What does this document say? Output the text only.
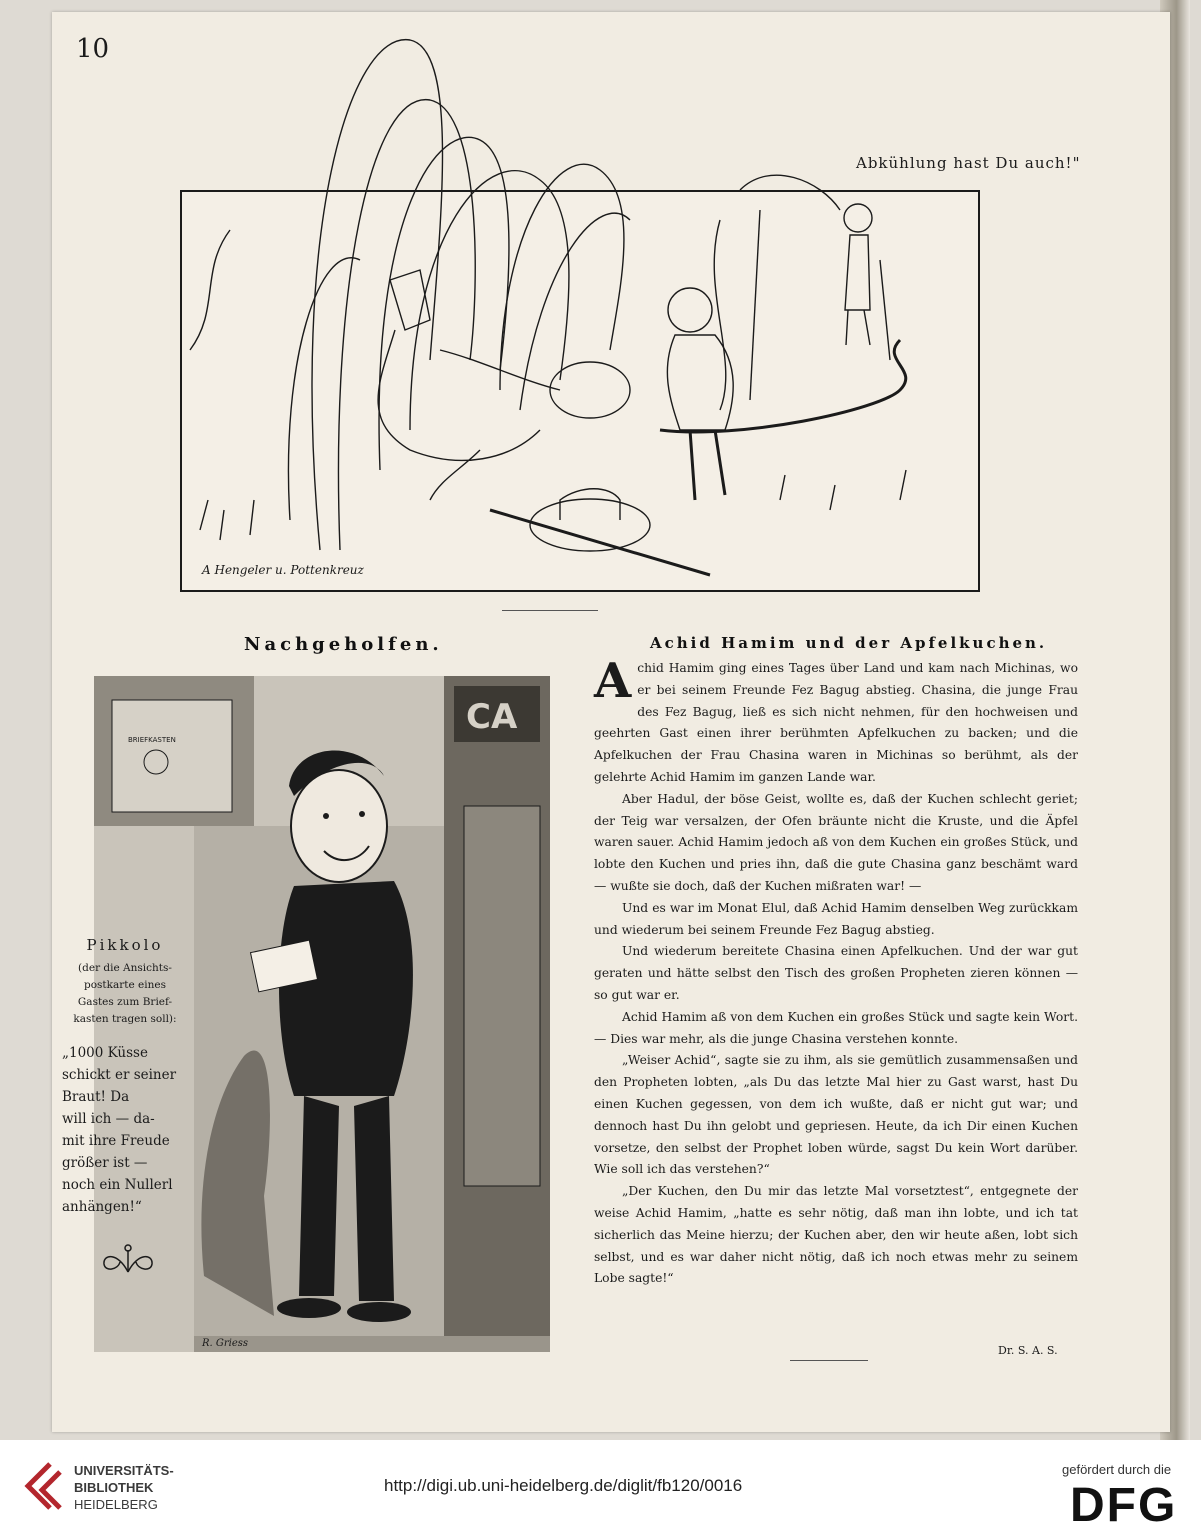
10
A Hengeler u. Pottenkreuz
Abkühlung hast Du auch!"
Nachgeholfen.
BRIEFKASTEN
CA
R. Griess
Pikkolo
(der die Ansichts-
postkarte eines
Gastes zum Brief-
kasten tragen soll):
„1000 Küsse
schickt er seiner
Braut! Da
will ich — da-
mit ihre Freude
größer ist —
noch ein Nullerl
anhängen!“
Achid Hamim und der Apfelkuchen.

Achid Hamim ging eines Tages über Land und kam nach Michinas, wo er bei seinem Freunde Fez Bagug abstieg. Chasina, die junge Frau des Fez Bagug, ließ es sich nicht nehmen, für den hochweisen und geehrten Gast einen ihrer berühmten Apfelkuchen zu backen; und die Apfelkuchen der Frau Chasina waren in Michinas so berühmt, als der gelehrte Achid Hamim im ganzen Lande war.

Aber Hadul, der böse Geist, wollte es, daß der Kuchen schlecht geriet; der Teig war versalzen, der Ofen bräunte nicht die Kruste, und die Äpfel waren sauer. Achid Hamim jedoch aß von dem Kuchen ein großes Stück, und lobte den Kuchen und pries ihn, daß die gute Chasina ganz beschämt ward — wußte sie doch, daß der Kuchen mißraten war! —

Und es war im Monat Elul, daß Achid Hamim denselben Weg zurückkam und wiederum bei seinem Freunde Fez Bagug abstieg.

Und wiederum bereitete Chasina einen Apfelkuchen. Und der war gut geraten und hätte selbst den Tisch des großen Propheten zieren können — so gut war er.

Achid Hamim aß von dem Kuchen ein großes Stück und sagte kein Wort. — Dies war mehr, als die junge Chasina verstehen konnte.

„Weiser Achid“, sagte sie zu ihm, als sie gemütlich zusammensaßen und den Propheten lobten, „als Du das letzte Mal hier zu Gast warst, hast Du einen Kuchen gegessen, von dem ich wußte, daß er nicht gut war; und dennoch hast Du ihn gelobt und gepriesen. Heute, da ich Dir einen Kuchen vorsetze, den selbst der Prophet loben würde, sagst Du kein Wort darüber. Wie soll ich das verstehen?“

„Der Kuchen, den Du mir das letzte Mal vorsetztest“, entgegnete der weise Achid Hamim, „hatte es sehr nötig, daß man ihn lobte, und ich tat sicherlich das Meine hierzu; der Kuchen aber, den wir heute aßen, lobt sich selbst, und es war daher nicht nötig, daß ich noch etwas mehr zu seinem Lobe sagte!“

Dr. S. A. S.
UNIVERSITÄTS-
BIBLIOTHEK
HEIDELBERG
http://digi.ub.uni-heidelberg.de/diglit/fb120/0016
gefördert durch die
DFG
